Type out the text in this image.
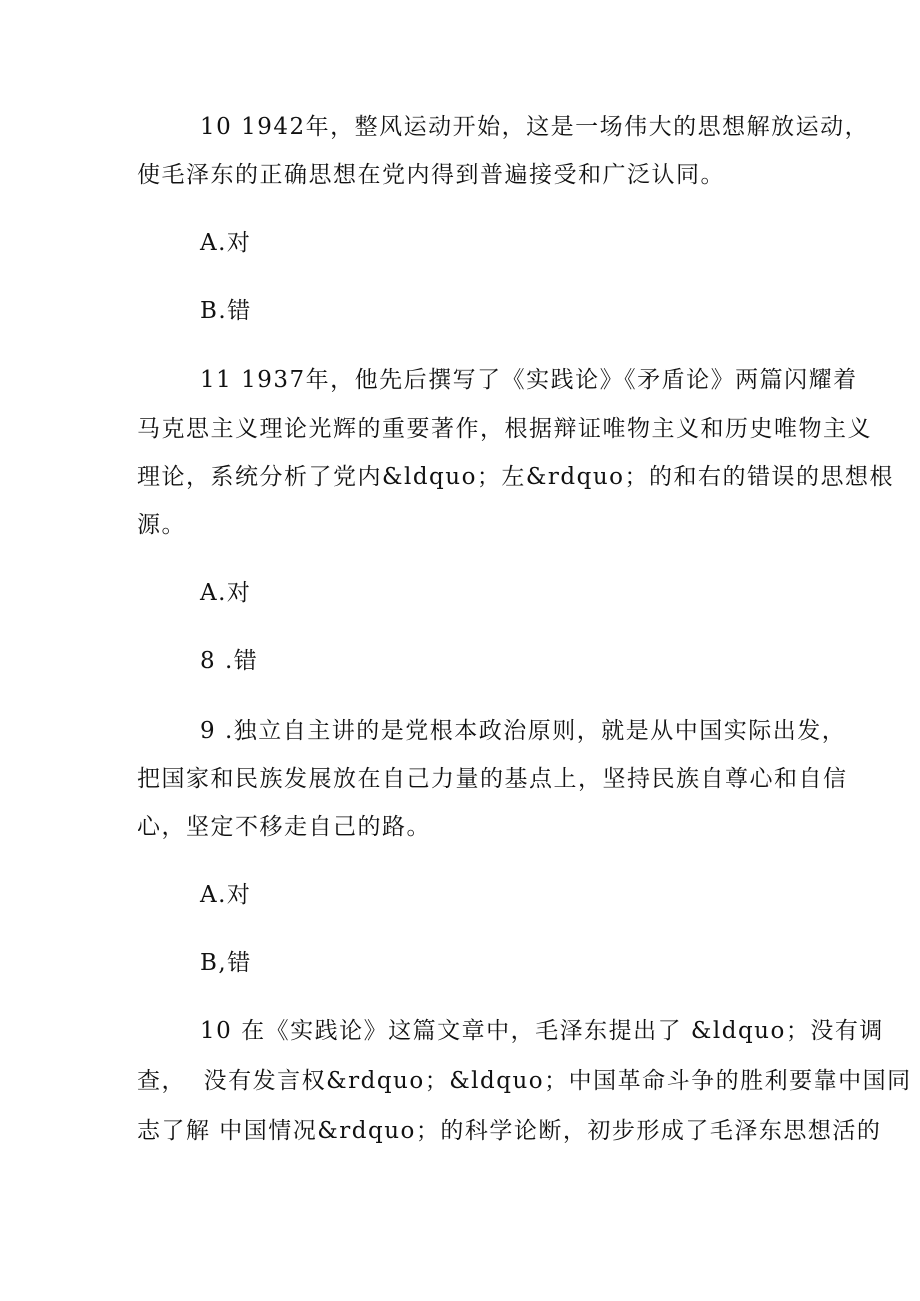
10 1942年，整风运动开始，这是一场伟大的思想解放运动，
使毛泽东的正确思想在党内得到普遍接受和广泛认同。
A.对
B.错
11 1937年，他先后撰写了《实践论》《矛盾论》两篇闪耀着
马克思主义理论光辉的重要著作，根据辩证唯物主义和历史唯物主义
理论，系统分析了党内&ldquo；左&rdquo；的和右的错误的思想根
源。
A.对
8 .错
9 .独立自主讲的是党根本政治原则，就是从中国实际出发，
把国家和民族发展放在自己力量的基点上，坚持民族自尊心和自信
心，坚定不移走自己的路。
A.对
B,错
10 在《实践论》这篇文章中，毛泽东提出了 &ldquo；没有调
查，  没有发言权&rdquo；&ldquo；中国革命斗争的胜利要靠中国同
志了解 中国情况&rdquo；的科学论断，初步形成了毛泽东思想活的
